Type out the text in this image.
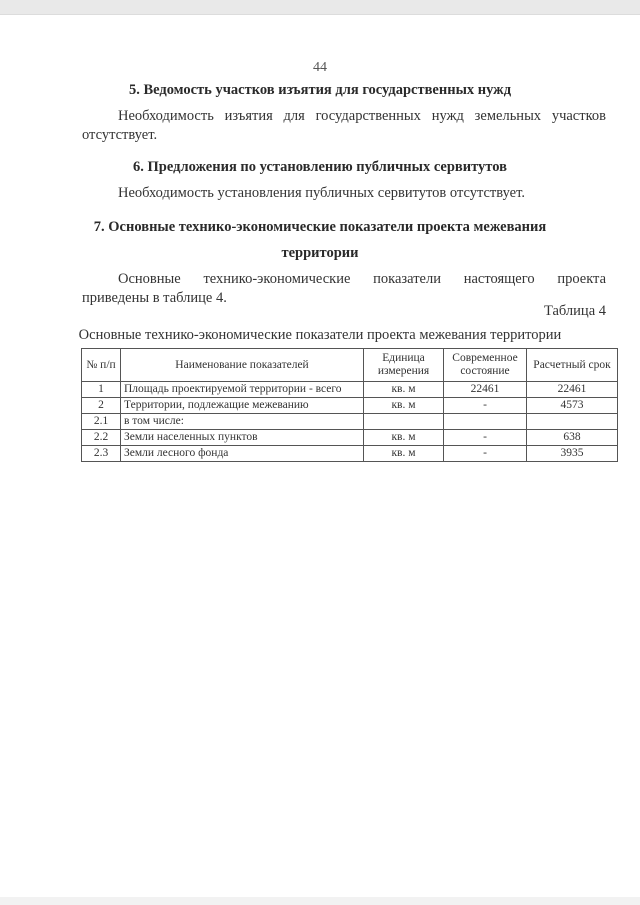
44
5. Ведомость участков изъятия для государственных нужд
Необходимость изъятия для государственных нужд земельных участков
отсутствует.
6. Предложения по установлению публичных сервитутов
Необходимость установления публичных сервитутов отсутствует.
7. Основные технико-экономические показатели проекта межевания
территории
Основные технико-экономические показатели настоящего проекта
приведены в таблице 4.
Таблица 4
Основные технико-экономические показатели проекта межевания территории
№ п/п	Наименование показателей	Единица измерения	Современное состояние	Расчетный срок
1	Площадь проектируемой территории - всего	кв. м	22461	22461
2	Территории, подлежащие межеванию	кв. м	-	4573
2.1	в том числе:			
2.2	Земли населенных пунктов	кв. м	-	638
2.3	Земли лесного фонда	кв. м	-	3935
